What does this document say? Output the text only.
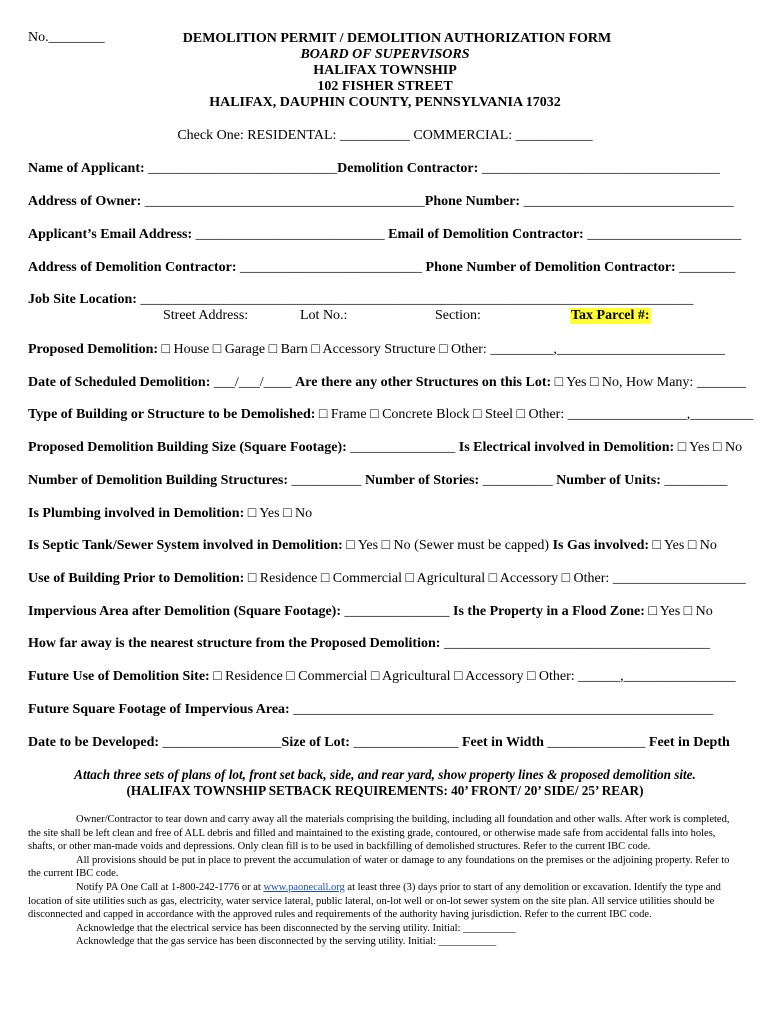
No.________	DEMOLITION PERMIT / DEMOLITION AUTHORIZATION FORM
BOARD OF SUPERVISORS
HALIFAX TOWNSHIP
102 FISHER STREET
HALIFAX, DAUPHIN COUNTY, PENNSYLVANIA 17032
Check One: RESIDENTAL: __________ COMMERCIAL: ___________
Name of Applicant: ___________________________Demolition Contractor: __________________________________
Address of Owner: ________________________________________Phone Number: ______________________________
Applicant’s Email Address: ___________________________ Email of Demolition Contractor: ______________________
Address of Demolition Contractor: __________________________ Phone Number of Demolition Contractor: ________
Job Site Location: _______________________________________________________________________________
Street Address:	Lot No.:	Section:	Tax Parcel #:
Proposed Demolition: □ House □ Garage □ Barn □ Accessory Structure □ Other: _________,________________________
Date of Scheduled Demolition: ___/___/____ Are there any other Structures on this Lot: □ Yes □ No, How Many: _______
Type of Building or Structure to be Demolished: □ Frame □ Concrete Block □ Steel □ Other: _________________,_________
Proposed Demolition Building Size (Square Footage): _______________ Is Electrical involved in Demolition: □ Yes □ No
Number of Demolition Building Structures: __________ Number of Stories: __________ Number of Units: _________
Is Plumbing involved in Demolition: □ Yes □ No
Is Septic Tank/Sewer System involved in Demolition: □ Yes □ No (Sewer must be capped) Is Gas involved: □ Yes □ No
Use of Building Prior to Demolition: □ Residence □ Commercial □ Agricultural □ Accessory □ Other: ___________________
Impervious Area after Demolition (Square Footage): _______________ Is the Property in a Flood Zone: □ Yes □ No
How far away is the nearest structure from the Proposed Demolition: ______________________________________
Future Use of Demolition Site: □ Residence □ Commercial □ Agricultural □ Accessory □ Other: ______,________________
Future Square Footage of Impervious Area: ____________________________________________________________
Date to be Developed: _________________Size of Lot: _______________ Feet in Width ______________ Feet in Depth
Attach three sets of plans of lot, front set back, side, and rear yard, show property lines & proposed demolition site.
(HALIFAX TOWNSHIP SETBACK REQUIREMENTS: 40’ FRONT/ 20’ SIDE/ 25’ REAR)

Owner/Contractor to tear down and carry away all the materials comprising the building, including all foundation and other walls. After work is completed, the site shall be left clean and free of ALL debris and filled and maintained to the existing grade, contoured, or otherwise made safe from accidental falls into holes, shafts, or other man-made voids and depressions. Only clean fill is to be used in backfilling of demolished structures. Refer to the current IBC code.

All provisions should be put in place to prevent the accumulation of water or damage to any foundations on the premises or the adjoining property. Refer to the current IBC code.

Notify PA One Call at 1-800-242-1776 or at www.paonecall.org at least three (3) days prior to start of any demolition or excavation. Identify the type and location of site utilities such as gas, electricity, water service lateral, public lateral, on-lot well or on-lot sewer system on the site plan. All service utilities should be disconnected and capped in accordance with the approved rules and requirements of the authority having jurisdiction. Refer to the current IBC code.

Acknowledge that the electrical service has been disconnected by the serving utility. Initial: __________

Acknowledge that the gas service has been disconnected by the serving utility. Initial: ___________
